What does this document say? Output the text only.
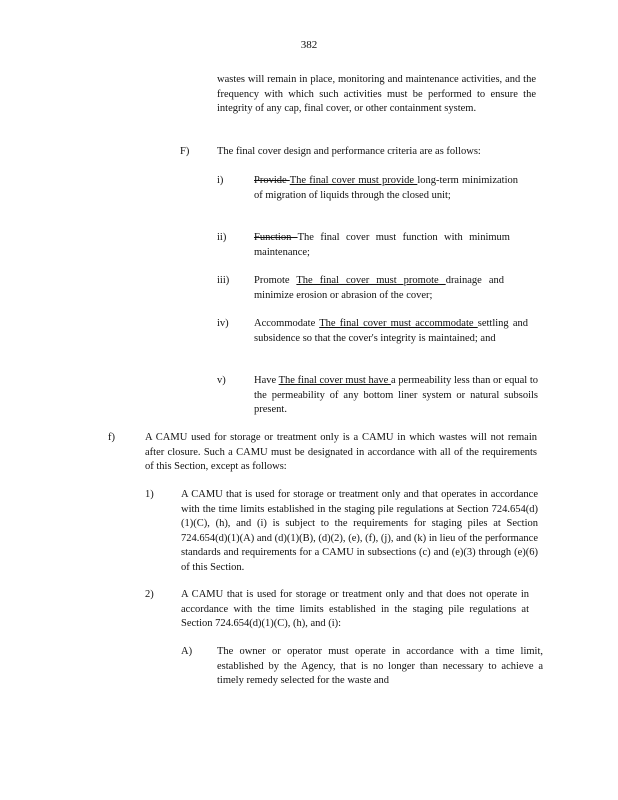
382
wastes will remain in place, monitoring and maintenance activities, and the frequency with which such activities must be performed to ensure the integrity of any cap, final cover, or other containment system.
F)	The final cover design and performance criteria are as follows:
i)	Provide The final cover must provide long-term minimization of migration of liquids through the closed unit;
ii)	Function The final cover must function with minimum maintenance;
iii) Promote The final cover must promote drainage and minimize erosion or abrasion of the cover;
iv) Accommodate The final cover must accommodate settling and subsidence so that the cover's integrity is maintained; and
v)	Have The final cover must have a permeability less than or equal to the permeability of any bottom liner system or natural subsoils present.
f)	A CAMU used for storage or treatment only is a CAMU in which wastes will not remain after closure. Such a CAMU must be designated in accordance with all of the requirements of this Section, except as follows:
1)	A CAMU that is used for storage or treatment only and that operates in accordance with the time limits established in the staging pile regulations at Section 724.654(d)(1)(C), (h), and (i) is subject to the requirements for staging piles at Section 724.654(d)(1)(A) and (d)(1)(B), (d)(2), (e), (f), (j), and (k) in lieu of the performance standards and requirements for a CAMU in subsections (c) and (e)(3) through (e)(6) of this Section.
2)	A CAMU that is used for storage or treatment only and that does not operate in accordance with the time limits established in the staging pile regulations at Section 724.654(d)(1)(C), (h), and (i):
A) The owner or operator must operate in accordance with a time limit, established by the Agency, that is no longer than necessary to achieve a timely remedy selected for the waste and
